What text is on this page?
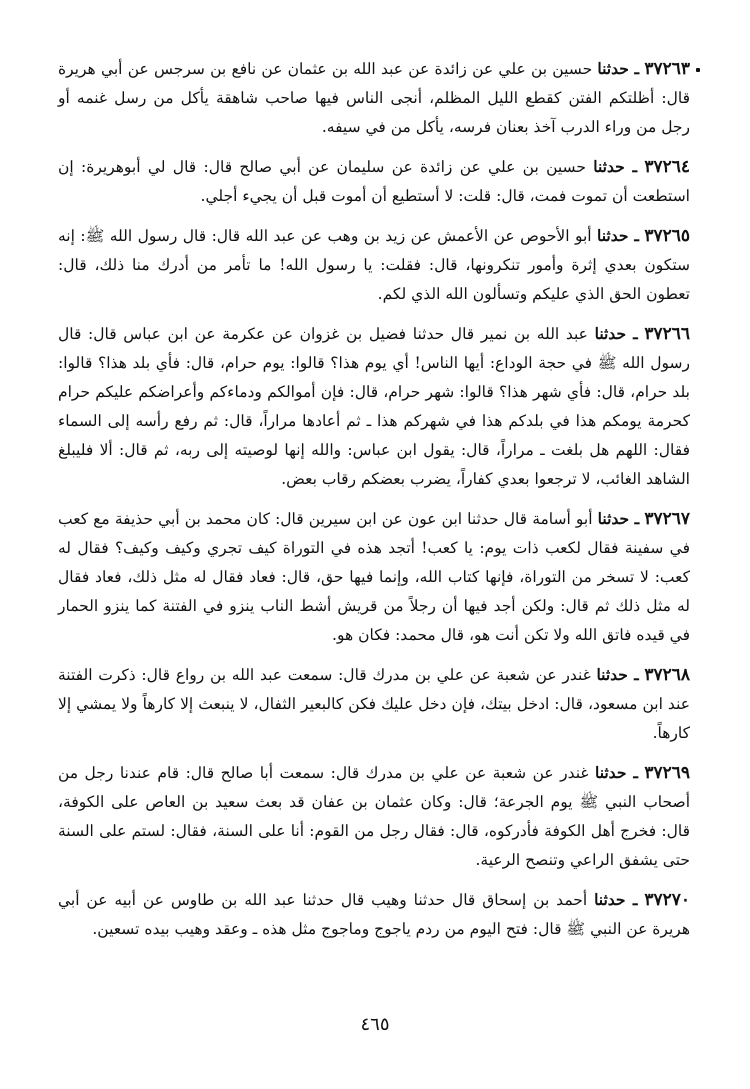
٣٧٢٦٣ ـ حدثنا حسين بن علي عن زائدة عن عبد الله بن عثمان عن نافع بن سرجس عن أبي هريرة قال: أظلتكم الفتن كقطع الليل المظلم، أنجى الناس فيها صاحب شاهقة يأكل من رسل غنمه أو رجل من وراء الدرب آخذ بعنان فرسه، يأكل من في سيفه.

٣٧٢٦٤ ـ حدثنا حسين بن علي عن زائدة عن سليمان عن أبي صالح قال: قال لي أبوهريرة: إن استطعت أن تموت فمت، قال: قلت: لا أستطيع أن أموت قبل أن يجيء أجلي.

٣٧٢٦٥ ـ حدثنا أبو الأحوص عن الأعمش عن زيد بن وهب عن عبد الله قال: قال رسول الله ﷺ: إنه ستكون بعدي إثرة وأمور تنكرونها، قال: فقلت: يا رسول الله! ما تأمر من أدرك منا ذلك، قال: تعطون الحق الذي عليكم وتسألون الله الذي لكم.

٣٧٢٦٦ ـ حدثنا عبد الله بن نمير قال حدثنا فضيل بن غزوان عن عكرمة عن ابن عباس قال: قال رسول الله ﷺ في حجة الوداع: أيها الناس! أي يوم هذا؟ قالوا: يوم حرام، قال: فأي بلد هذا؟ قالوا: بلد حرام، قال: فأي شهر هذا؟ قالوا: شهر حرام، قال: فإن أموالكم ودماءكم وأعراضكم عليكم حرام كحرمة يومكم هذا في بلدكم هذا في شهركم هذا ـ ثم أعادها مراراً، قال: ثم رفع رأسه إلى السماء فقال: اللهم هل بلغت ـ مراراً، قال: يقول ابن عباس: والله إنها لوصيته إلى ربه، ثم قال: ألا فليبلغ الشاهد الغائب، لا ترجعوا بعدي كفاراً، يضرب بعضكم رقاب بعض.

٣٧٢٦٧ ـ حدثنا أبو أسامة قال حدثنا ابن عون عن ابن سيرين قال: كان محمد بن أبي حذيفة مع كعب في سفينة فقال لكعب ذات يوم: يا كعب! أتجد هذه في التوراة كيف تجري وكيف وكيف؟ فقال له كعب: لا تسخر من التوراة، فإنها كتاب الله، وإنما فيها حق، قال: فعاد فقال له مثل ذلك، فعاد فقال له مثل ذلك ثم قال: ولكن أجد فيها أن رجلاً من قريش أشط الناب ينزو في الفتنة كما ينزو الحمار في قيده فاتق الله ولا تكن أنت هو، قال محمد: فكان هو.

٣٧٢٦٨ ـ حدثنا غندر عن شعبة عن علي بن مدرك قال: سمعت عبد الله بن رواع قال: ذكرت الفتنة عند ابن مسعود، قال: ادخل بيتك، فإن دخل عليك فكن كالبعير الثفال، لا ينبعث إلا كارهاً ولا يمشي إلا كارهاً.

٣٧٢٦٩ ـ حدثنا غندر عن شعبة عن علي بن مدرك قال: سمعت أبا صالح قال: قام عندنا رجل من أصحاب النبي ﷺ يوم الجرعة؛ قال: وكان عثمان بن عفان قد بعث سعيد بن العاص على الكوفة، قال: فخرج أهل الكوفة فأدركوه، قال: فقال رجل من القوم: أنا على السنة، فقال: لستم على السنة حتى يشفق الراعي وتنصح الرعية.

٣٧٢٧٠ ـ حدثنا أحمد بن إسحاق قال حدثنا وهيب قال حدثنا عبد الله بن طاوس عن أبيه عن أبي هريرة عن النبي ﷺ قال: فتح اليوم من ردم ياجوج وماجوج مثل هذه ـ وعقد وهيب بيده تسعين.

٤٦٥
